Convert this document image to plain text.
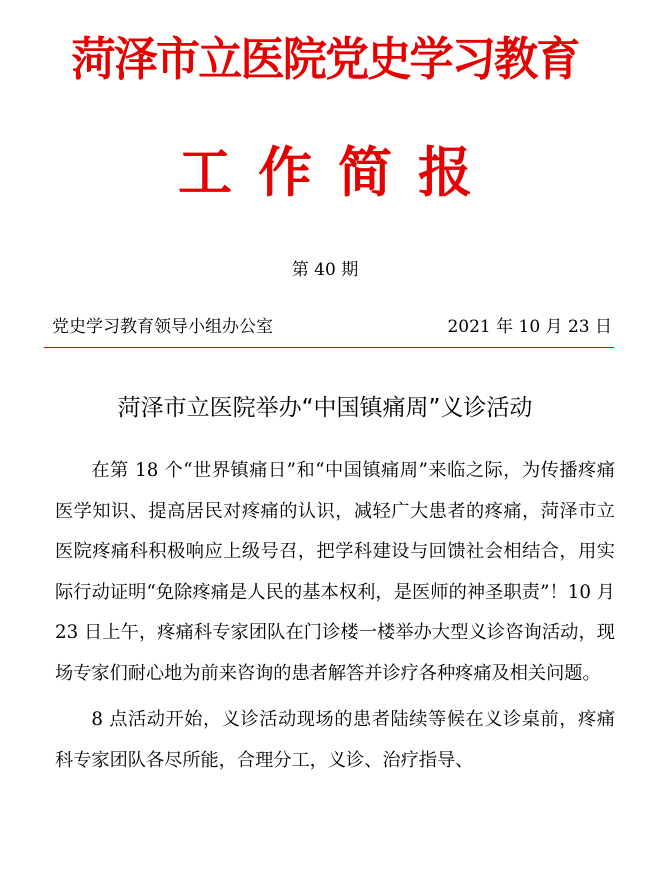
菏泽市立医院党史学习教育
工作简报
第 40 期
党史学习教育领导小组办公室	2021 年 10 月 23 日
菏泽市立医院举办“中国镇痛周”义诊活动

在第 18 个“世界镇痛日”和“中国镇痛周”来临之际，为传播疼痛医学知识、提高居民对疼痛的认识，减轻广大患者的疼痛，菏泽市立医院疼痛科积极响应上级号召，把学科建设与回馈社会相结合，用实际行动证明“免除疼痛是人民的基本权利，是医师的神圣职责”！10 月 23 日上午，疼痛科专家团队在门诊楼一楼举办大型义诊咨询活动，现场专家们耐心地为前来咨询的患者解答并诊疗各种疼痛及相关问题。

8 点活动开始，义诊活动现场的患者陆续等候在义诊桌前，疼痛科专家团队各尽所能，合理分工，义诊、治疗指导、
